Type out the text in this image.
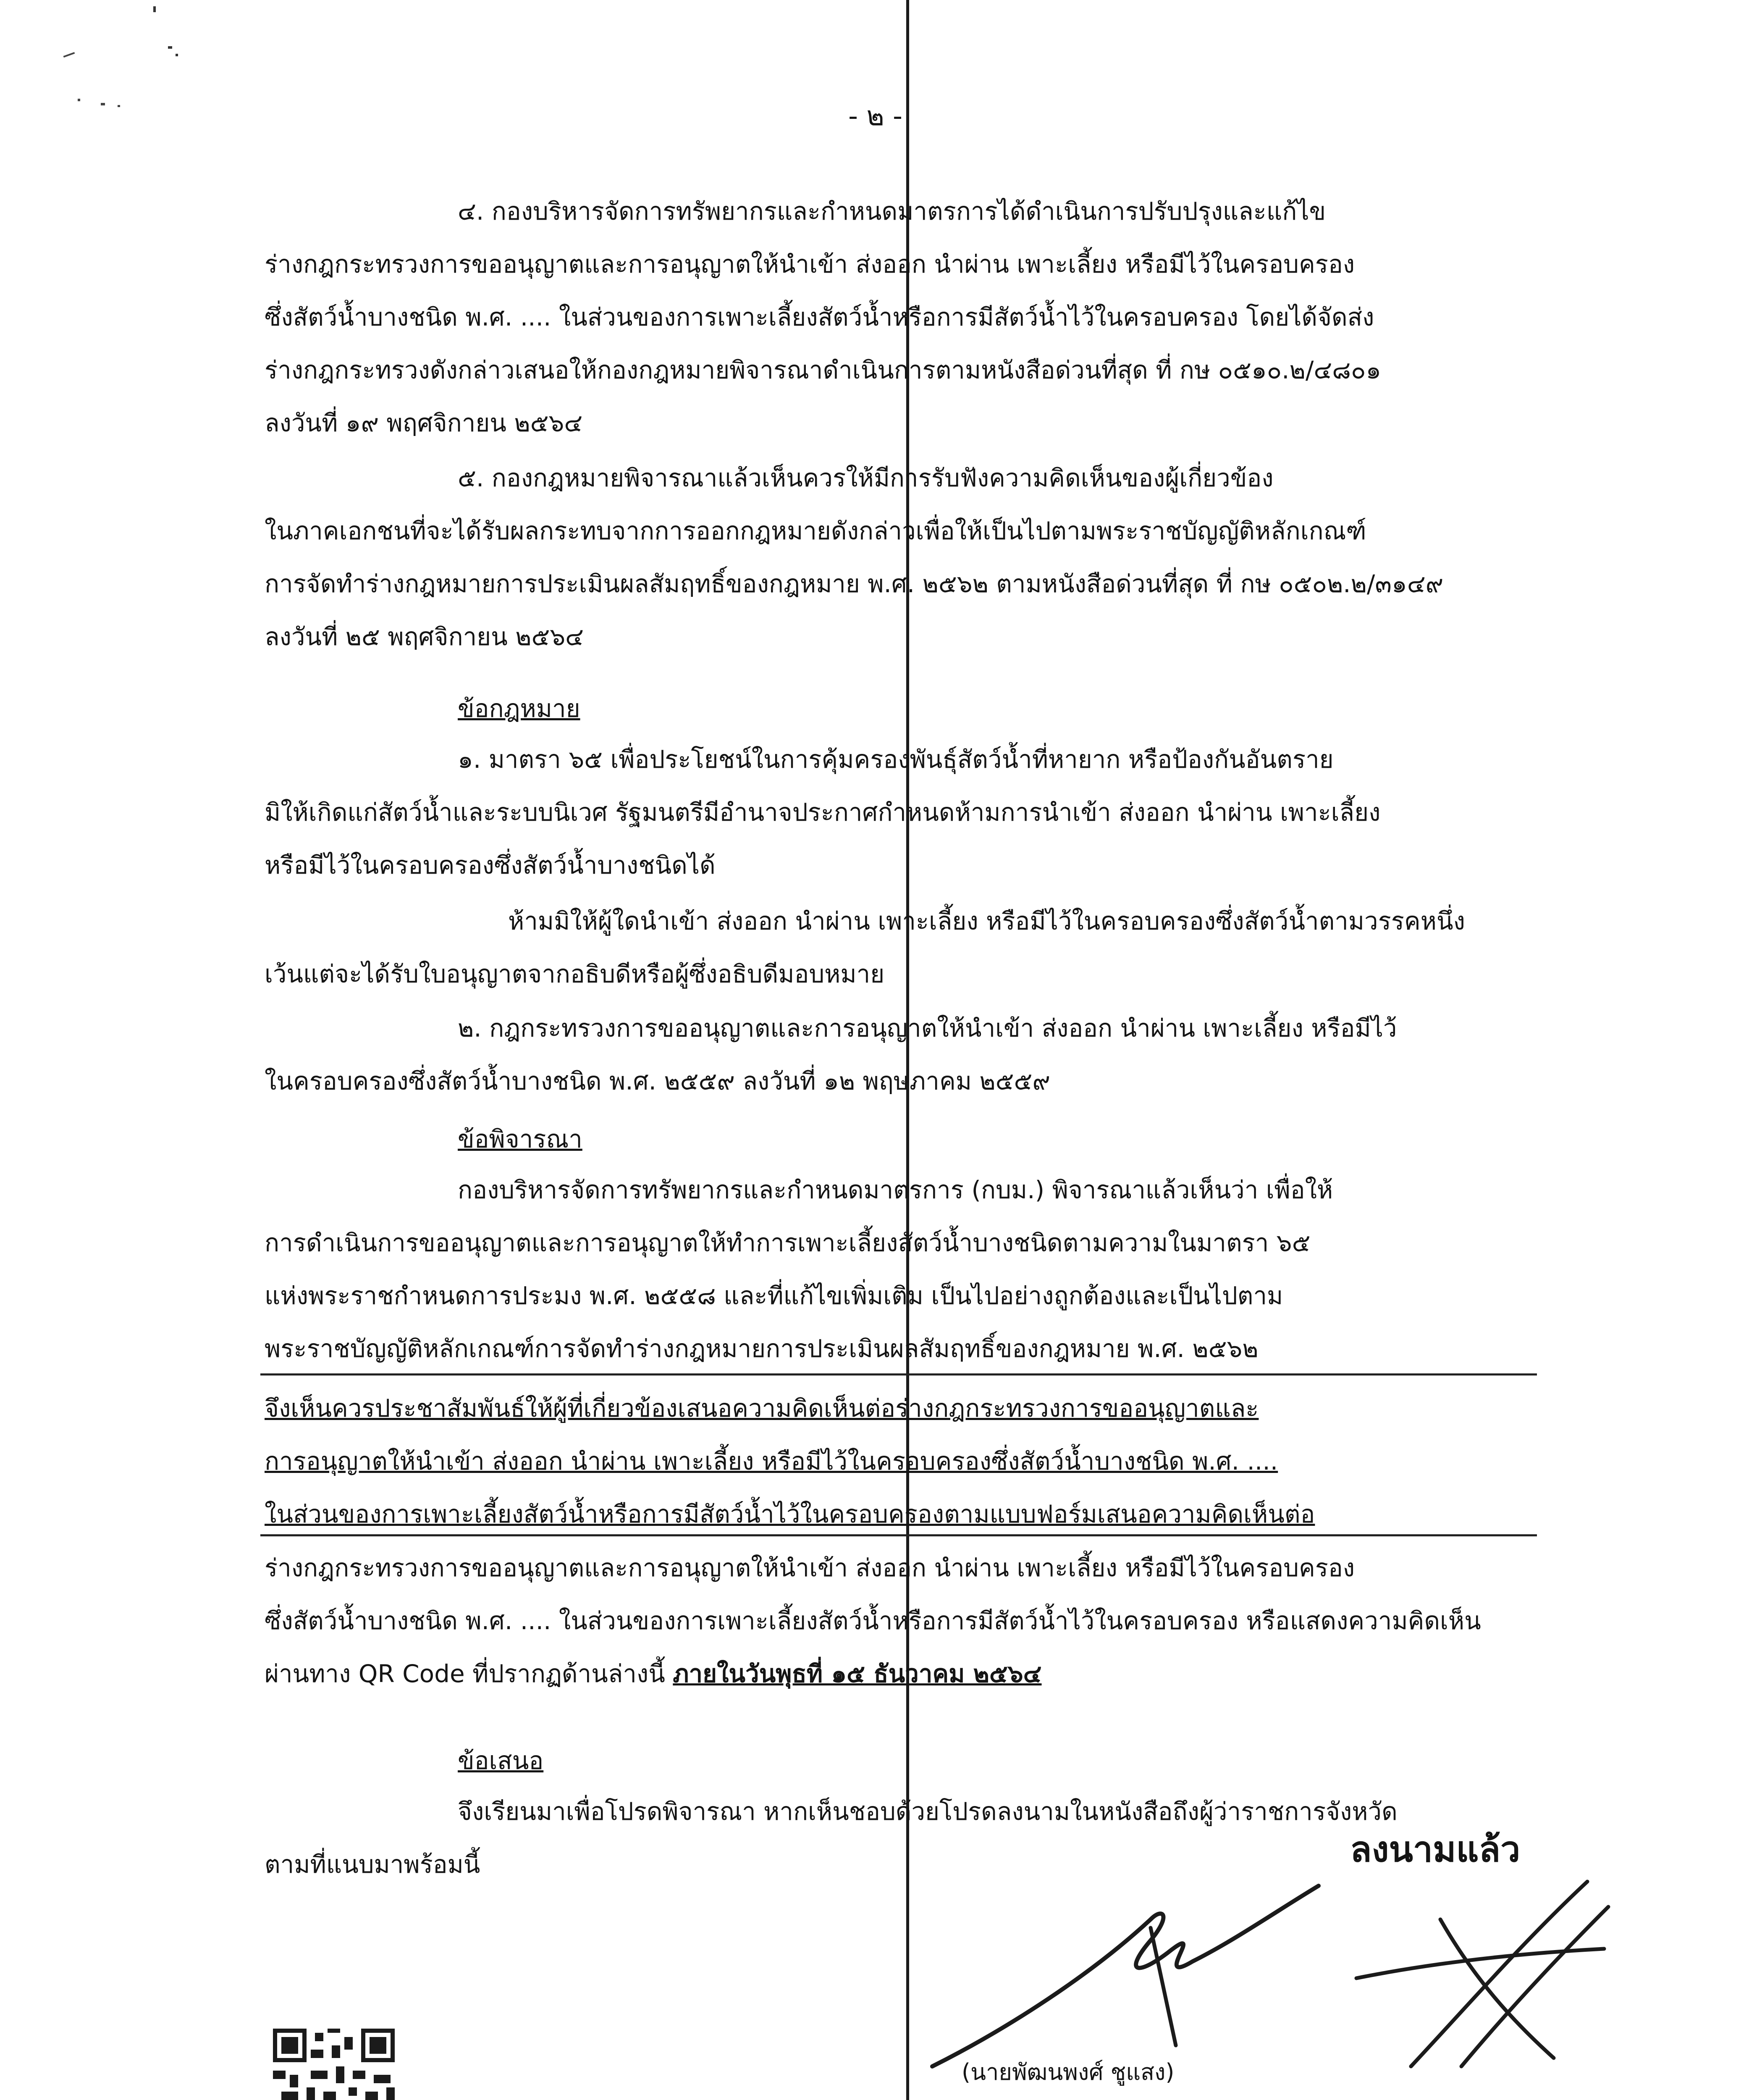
- ๒ -
๔. กองบริหารจัดการทรัพยากรและกำหนดมาตรการได้ดำเนินการปรับปรุงและแก้ไข
ร่างกฎกระทรวงการขออนุญาตและการอนุญาตให้นำเข้า ส่งออก นำผ่าน เพาะเลี้ยง หรือมีไว้ในครอบครอง
ซึ่งสัตว์น้ำบางชนิด พ.ศ. .... ในส่วนของการเพาะเลี้ยงสัตว์น้ำหรือการมีสัตว์น้ำไว้ในครอบครอง โดยได้จัดส่ง
ร่างกฎกระทรวงดังกล่าวเสนอให้กองกฎหมายพิจารณาดำเนินการตามหนังสือด่วนที่สุด ที่ กษ ๐๕๑๐.๒/๔๘๐๑
ลงวันที่ ๑๙ พฤศจิกายน ๒๕๖๔
๕. กองกฎหมายพิจารณาแล้วเห็นควรให้มีการรับฟังความคิดเห็นของผู้เกี่ยวข้อง
ในภาคเอกชนที่จะได้รับผลกระทบจากการออกกฎหมายดังกล่าวเพื่อให้เป็นไปตามพระราชบัญญัติหลักเกณฑ์
การจัดทำร่างกฎหมายการประเมินผลสัมฤทธิ์ของกฎหมาย พ.ศ. ๒๕๖๒ ตามหนังสือด่วนที่สุด ที่ กษ ๐๕๐๒.๒/๓๑๔๙
ลงวันที่ ๒๕ พฤศจิกายน ๒๕๖๔
ข้อกฎหมาย
๑. มาตรา ๖๕ เพื่อประโยชน์ในการคุ้มครองพันธุ์สัตว์น้ำที่หายาก หรือป้องกันอันตราย
มิให้เกิดแก่สัตว์น้ำและระบบนิเวศ รัฐมนตรีมีอำนาจประกาศกำหนดห้ามการนำเข้า ส่งออก นำผ่าน เพาะเลี้ยง
หรือมีไว้ในครอบครองซึ่งสัตว์น้ำบางชนิดได้
ห้ามมิให้ผู้ใดนำเข้า ส่งออก นำผ่าน เพาะเลี้ยง หรือมีไว้ในครอบครองซึ่งสัตว์น้ำตามวรรคหนึ่ง
เว้นแต่จะได้รับใบอนุญาตจากอธิบดีหรือผู้ซึ่งอธิบดีมอบหมาย
๒. กฎกระทรวงการขออนุญาตและการอนุญาตให้นำเข้า ส่งออก นำผ่าน เพาะเลี้ยง หรือมีไว้
ในครอบครองซึ่งสัตว์น้ำบางชนิด พ.ศ. ๒๕๕๙ ลงวันที่ ๑๒ พฤษภาคม ๒๕๕๙
ข้อพิจารณา
กองบริหารจัดการทรัพยากรและกำหนดมาตรการ (กบม.) พิจารณาแล้วเห็นว่า เพื่อให้
การดำเนินการขออนุญาตและการอนุญาตให้ทำการเพาะเลี้ยงสัตว์น้ำบางชนิดตามความในมาตรา ๖๕
แห่งพระราชกำหนดการประมง พ.ศ. ๒๕๕๘ และที่แก้ไขเพิ่มเติม เป็นไปอย่างถูกต้องและเป็นไปตาม
พระราชบัญญัติหลักเกณฑ์การจัดทำร่างกฎหมายการประเมินผลสัมฤทธิ์ของกฎหมาย พ.ศ. ๒๕๖๒
จึงเห็นควรประชาสัมพันธ์ให้ผู้ที่เกี่ยวข้องเสนอความคิดเห็นต่อร่างกฎกระทรวงการขออนุญาตและ
การอนุญาตให้นำเข้า ส่งออก นำผ่าน เพาะเลี้ยง หรือมีไว้ในครอบครองซึ่งสัตว์น้ำบางชนิด พ.ศ. ....
ในส่วนของการเพาะเลี้ยงสัตว์น้ำหรือการมีสัตว์น้ำไว้ในครอบครองตามแบบฟอร์มเสนอความคิดเห็นต่อ
ร่างกฎกระทรวงการขออนุญาตและการอนุญาตให้นำเข้า ส่งออก นำผ่าน เพาะเลี้ยง หรือมีไว้ในครอบครอง
ซึ่งสัตว์น้ำบางชนิด พ.ศ. .... ในส่วนของการเพาะเลี้ยงสัตว์น้ำหรือการมีสัตว์น้ำไว้ในครอบครอง หรือแสดงความคิดเห็น
ผ่านทาง QR Code ที่ปรากฏด้านล่างนี้ ภายในวันพุธที่ ๑๕ ธันวาคม ๒๕๖๔
ข้อเสนอ
จึงเรียนมาเพื่อโปรดพิจารณา หากเห็นชอบด้วยโปรดลงนามในหนังสือถึงผู้ว่าราชการจังหวัด
ตามที่แนบมาพร้อมนี้	ลงนามแล้ว
(นายพัฒนพงศ์ ชูแสง)
